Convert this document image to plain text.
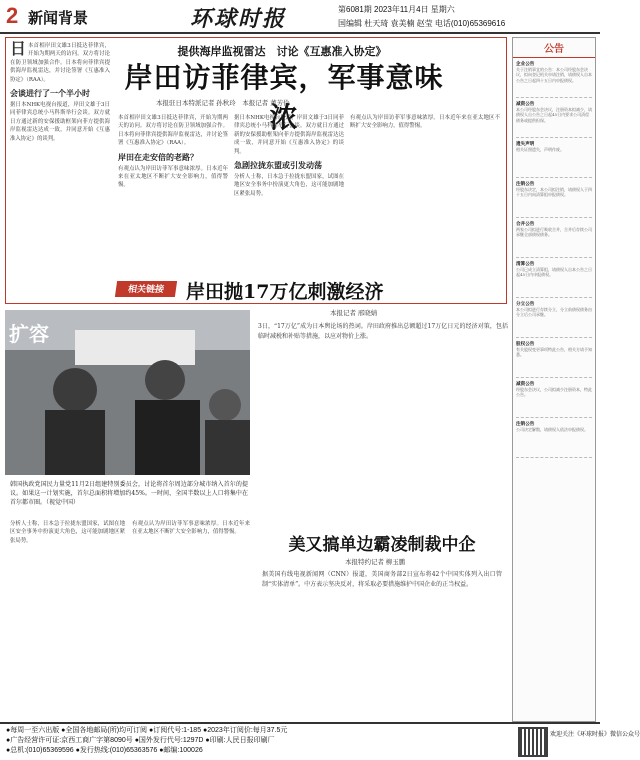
2 新闻背景	环球时报	第6081期 2023年11月4日 星期六
国编辑 杜天琦 袁美楠 赵莹 电话(010)65369616
提供海岸监视雷达　讨论《互惠准入协定》
岸田访菲律宾，军事意味浓
日 本首相岸田文雄3日抵达菲律宾，开始为期两天的访问。双方将讨论在防卫领域加强合作。日本将向菲律宾提供海岸监视雷达，并讨论签署《互惠准入协定》（RAA）。
会谈进行了一个半小时
据日本NHK电视台报道，岸田文雄于3日同菲律宾总统小马科斯举行会谈。双方就日方通过新的安保援助框架向菲方提供海岸监视雷达达成一致，并同意开始《互惠准入协定》的谈判。
本报驻日本特派记者 孙秋玲　本报记者 董芳伶
本首相岸田文雄3日抵达菲律宾，开始为期两天的访问。双方将讨论在防卫领域加强合作。日本将向菲律宾提供海岸监视雷达，并讨论签署《互惠准入协定》（RAA）。
岸田在走安倍的老路？
有观点认为岸田访菲军事意味浓厚。日本近年来在亚太地区不断扩大安全影响力，值得警惕。
据日本NHK电视台报道，岸田文雄于3日同菲律宾总统小马科斯举行会谈。双方就日方通过新的安保援助框架向菲方提供海岸监视雷达达成一致，并同意开始《互惠准入协定》的谈判。
急剧拉拢东盟或引发动荡
分析人士称，日本急于拉拢东盟国家，试图在地区安全事务中扮演更大角色，这可能加剧地区紧张局势。
有观点认为岸田访菲军事意味浓厚。日本近年来在亚太地区不断扩大安全影响力，值得警惕。
相关链接	岸田抛17万亿刺激经济
本报记者 邢晓婧
3日，“17万亿”成为日本舆论场的热词。岸田政府推出总额超过17万亿日元的经济对策，包括临时减税和补贴等措施，以应对物价上涨。
扩容
韩国执政党国民力量党11月2日组建特别委员会，讨论将首尔周边部分城市纳入首尔的提议。如果这一计划实施，首尔总面积将增加约45%。一时间，全国半数以上人口将集中在首尔都市圈。（视觉中国）
分析人士称，日本急于拉拢东盟国家，试图在地区安全事务中扮演更大角色，这可能加剧地区紧张局势。
有观点认为岸田访菲军事意味浓厚。日本近年来在亚太地区不断扩大安全影响力，值得警惕。
美又搞单边霸凌制裁中企
本报特约记者 柳玉鹏
据美国有线电视新闻网（CNN）报道，美国商务部2日宣布将42个中国实体列入出口管制“实体清单”。中方表示坚决反对，将采取必要措施维护中国企业的正当权益。
公告
企业公告
关于注销事宜的公告：本公司经股东会决议，拟向登记机关申请注销，请债权人自本公告之日起四十五日内申报债权。
减资公告
本公司经股东会决议，注册资本拟减少，请债权人自公告之日起45日内要求公司清偿债务或提供担保。
遗失声明
相关证照遗失，声明作废。
注销公告
经股东决定，本公司拟注销，请债权人于四十五日内向清算组申报债权。
合并公告
两家公司拟进行吸收合并，合并后存续公司承继全部债权债务。
清算公告
公司已成立清算组，请债权人自本公告之日起45日内申报债权。
分立公告
本公司拟进行存续分立，分立前债权债务由分立后公司承继。
股权公告
有关股权变更事项特此公告，相关方请予知悉。
减资公告
经股东会决议，公司拟减少注册资本，特此公告。
注销公告
公司决定解散，请债权人依法申报债权。
●每周一至六出版 ●全国各地邮局(所)均可订阅 ●订阅代号:1-185 ●2023年订阅价:每月37.5元
●广告经营许可证:京西工商广字第8090号 ●国外发行代号:1297D ●印刷:人民日报印刷厂
●总机:(010)65369596 ●发行热线:(010)65363576 ●邮编:100026
欢迎关注《环球时报》微信公众号
